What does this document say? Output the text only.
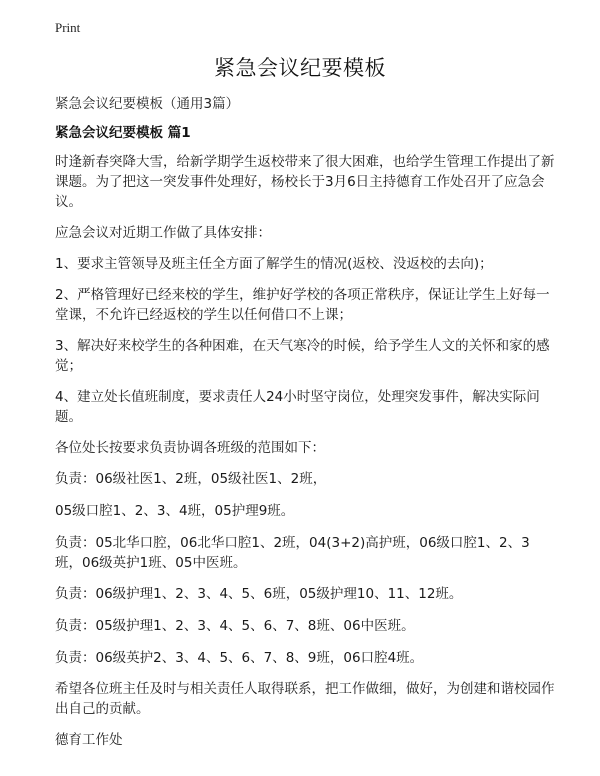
Print
紧急会议纪要模板
紧急会议纪要模板（通用3篇）
紧急会议纪要模板 篇1

时逢新春突降大雪，给新学期学生返校带来了很大困难，也给学生管理工作提出了新课题。为了把这一突发事件处理好，杨校长于3月6日主持德育工作处召开了应急会议。

应急会议对近期工作做了具体安排：

1、要求主管领导及班主任全方面了解学生的情况(返校、没返校的去向)；

2、严格管理好已经来校的学生，维护好学校的各项正常秩序，保证让学生上好每一堂课，不允许已经返校的学生以任何借口不上课；

3、解决好来校学生的各种困难，在天气寒冷的时候，给予学生人文的关怀和家的感觉；

4、建立处长值班制度，要求责任人24小时坚守岗位，处理突发事件，解决实际问题。

各位处长按要求负责协调各班级的范围如下：

负责：06级社医1、2班，05级社医1、2班，

05级口腔1、2、3、4班，05护理9班。

负责：05北华口腔，06北华口腔1、2班，04(3+2)高护班，06级口腔1、2、3班，06级英护1班、05中医班。

负责：06级护理1、2、3、4、5、6班，05级护理10、11、12班。

负责：05级护理1、2、3、4、5、6、7、8班、06中医班。

负责：06级英护2、3、4、5、6、7、8、9班，06口腔4班。

希望各位班主任及时与相关责任人取得联系，把工作做细，做好，为创建和谐校园作出自己的贡献。

德育工作处
